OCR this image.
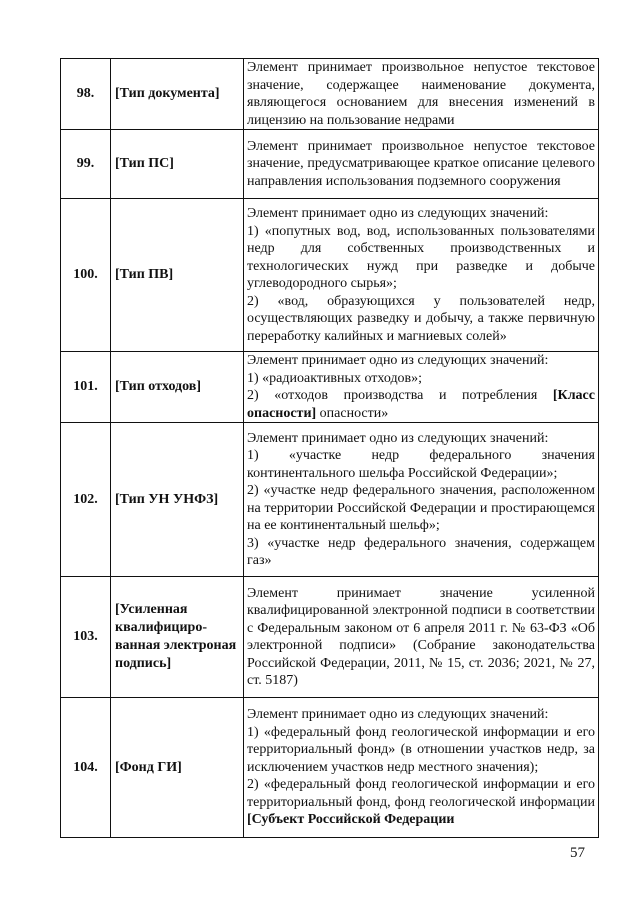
98.	[Тип документа]	Элемент принимает произвольное непустое текстовое значение, содержащее наименование документа, являющегося основанием для внесения изменений в лицензию на пользование недрами

99.	[Тип ПС]	Элемент принимает произвольное непустое текстовое значение, предусматривающее краткое описание целевого направления использования подземного сооружения

100.	[Тип ПВ]	Элемент принимает одно из следующих значений:
1) «попутных вод, вод, использованных пользователями недр для собственных производственных и технологических нужд при разведке и добыче углеводородного сырья»;
2) «вод, образующихся у пользователей недр, осуществляющих разведку и добычу, а также первичную переработку калийных и магниевых солей»

101.	[Тип отходов]	Элемент принимает одно из следующих значений:
1) «радиоактивных отходов»;
2) «отходов производства и потребления [Класс опасности] опасности»

102.	[Тип УН УНФЗ]	Элемент принимает одно из следующих значений:
1) «участке недр федерального значения континентального шельфа Российской Федерации»;
2) «участке недр федерального значения, расположенном на территории Российской Федерации и простирающемся на ее континентальный шельф»;
3) «участке недр федерального значения, содержащем газ»

103.	[Усиленная квалифициро-ванная электроная подпись]	Элемент принимает значение усиленной квалифицированной электронной подписи в соответствии с Федеральным законом от 6 апреля 2011 г. № 63-ФЗ «Об электронной подписи» (Собрание законодательства Российской Федерации, 2011, № 15, ст. 2036; 2021, № 27, ст. 5187)

104.	[Фонд ГИ]	Элемент принимает одно из следующих значений:
1) «федеральный фонд геологической информации и его территориальный фонд» (в отношении участков недр, за исключением участков недр местного значения);
2) «федеральный фонд геологической информации и его территориальный фонд, фонд геологической информации [Субъект Российской Федерации
57
